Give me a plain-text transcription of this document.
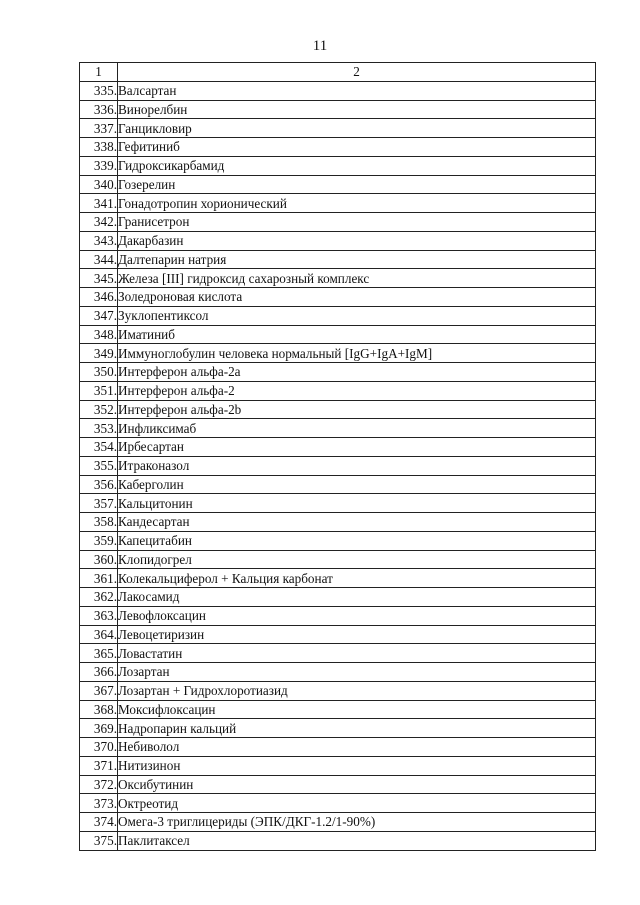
11
1	2
335.	Валсартан
336.	Винорелбин
337.	Ганцикловир
338.	Гефитиниб
339.	Гидроксикарбамид
340.	Гозерелин
341.	Гонадотропин хорионический
342.	Гранисетрон
343.	Дакарбазин
344.	Далтепарин натрия
345.	Железа [III] гидроксид сахарозный комплекс
346.	Золедроновая кислота
347.	Зуклопентиксол
348.	Иматиниб
349.	Иммуноглобулин человека нормальный [IgG+IgA+IgM]
350.	Интерферон альфа-2a
351.	Интерферон альфа-2
352.	Интерферон альфа-2b
353.	Инфликсимаб
354.	Ирбесартан
355.	Итраконазол
356.	Каберголин
357.	Кальцитонин
358.	Кандесартан
359.	Капецитабин
360.	Клопидогрел
361.	Колекальциферол + Кальция карбонат
362.	Лакосамид
363.	Левофлоксацин
364.	Левоцетиризин
365.	Ловастатин
366.	Лозартан
367.	Лозартан + Гидрохлоротиазид
368.	Моксифлоксацин
369.	Надропарин кальций
370.	Небиволол
371.	Нитизинон
372.	Оксибутинин
373.	Октреотид
374.	Омега-3 триглицериды (ЭПК/ДКГ-1.2/1-90%)
375.	Паклитаксел
